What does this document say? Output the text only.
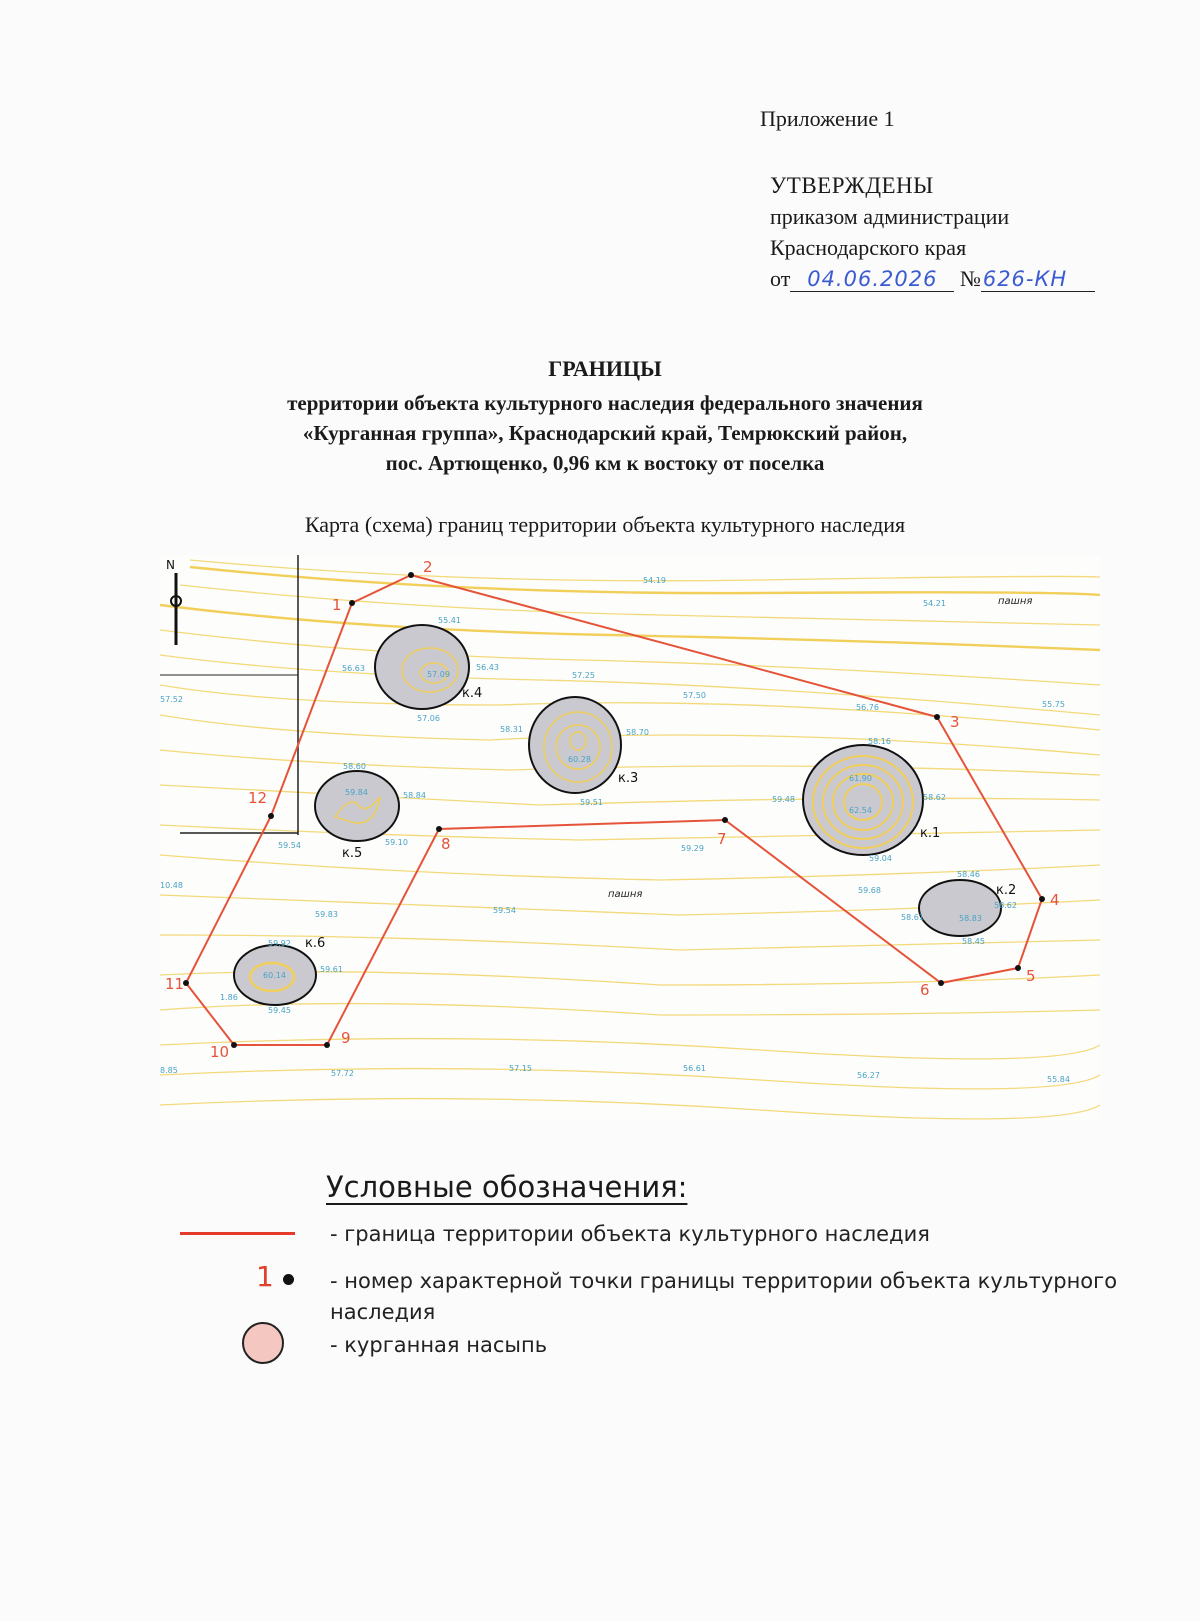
Приложение 1
УТВЕРЖДЕНЫ
приказом администрации
Краснодарского края
от 04.06.2026 №626-КН
ГРАНИЦЫ
территории объекта культурного наследия федерального значения
«Курганная группа», Краснодарский край, Темрюкский район,
пос. Артющенко, 0,96 км к востоку от поселка
Карта (схема) границ территории объекта культурного наследия
N
1
2
3
4
5
6
7
8
9
10
11
12
к.1
к.2
к.3
к.4
к.5
к.6
пашня
пашня
54.19
54.21
55.41
56.63
57.09
56.43
57.06
57.52
57.25
57.50
56.76	55.75
58.31
60.28
58.70
58.16
58.60
59.84	58.84
59.51	59.48
61.90
62.54
58.62
59.54	59.10
59.29
59.04
58.46
10.48
59.68
58.61	58.83
58.62
59.83	59.54
58.45
59.92
60.14
59.61
1.86
59.45
8.85	57.72
57.15	56.61
56.27	55.84
Условные обозначения:
- граница территории объекта культурного наследия
1	- номер характерной точки границы территории объекта культурного наследия
- курганная насыпь
